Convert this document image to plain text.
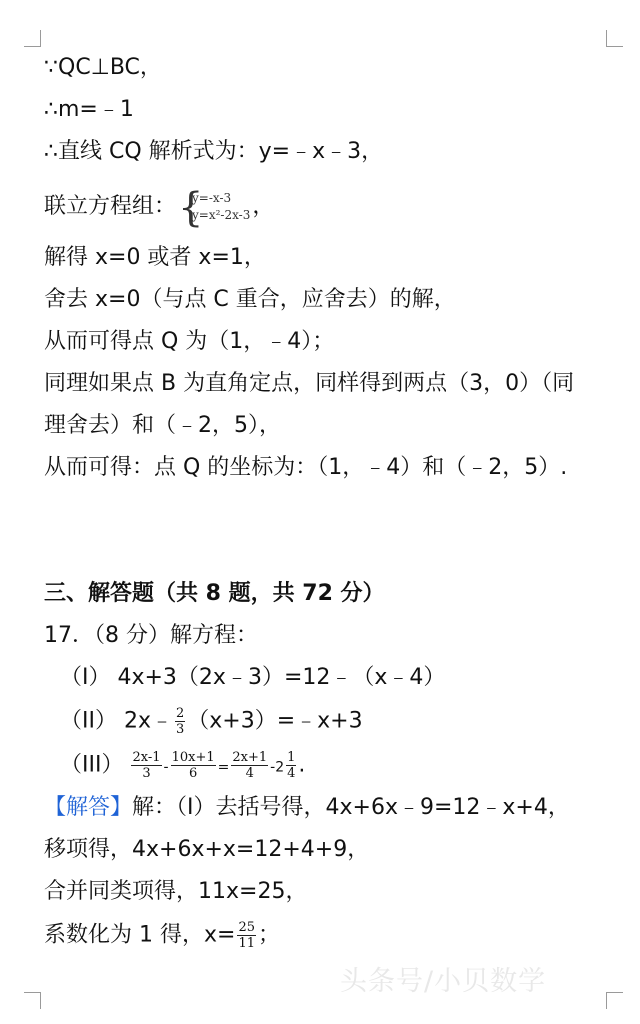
∵QC⊥BC，
∴m=﹣1
∴直线 CQ 解析式为：y=﹣x﹣3，
联立方程组： {
y=-x-3
y=x²-2x-3 ，
解得 x=0 或者 x=1，
舍去 x=0（与点 C 重合，应舍去）的解，
从而可得点 Q 为（1，﹣4）；
同理如果点 B 为直角定点，同样得到两点（3，0）（同
理舍去）和（﹣2，5），
从而可得：点 Q 的坐标为：（1，﹣4）和（﹣2，5）.
三、解答题（共 8 题，共 72 分）
17．（8 分）解方程：
（I） 4x+3（2x﹣3）=12﹣（x﹣4）
（II） 2x﹣ $\frac{2}{3}$ （x+3）=﹣x+3
$(III) \frac{2x-1}{3} - \frac{10x+1}{6} = \frac{2x+1}{4} -2 \frac{1}{4}$ .
【解答】解：（I）去括号得，4x+6x﹣9=12﹣x+4，
移项得，4x+6x+x=12+4+9，
合并同类项得，11x=25，
系数化为 1 得，$x= \frac{25}{11}$ ；
头条号/小贝数学
